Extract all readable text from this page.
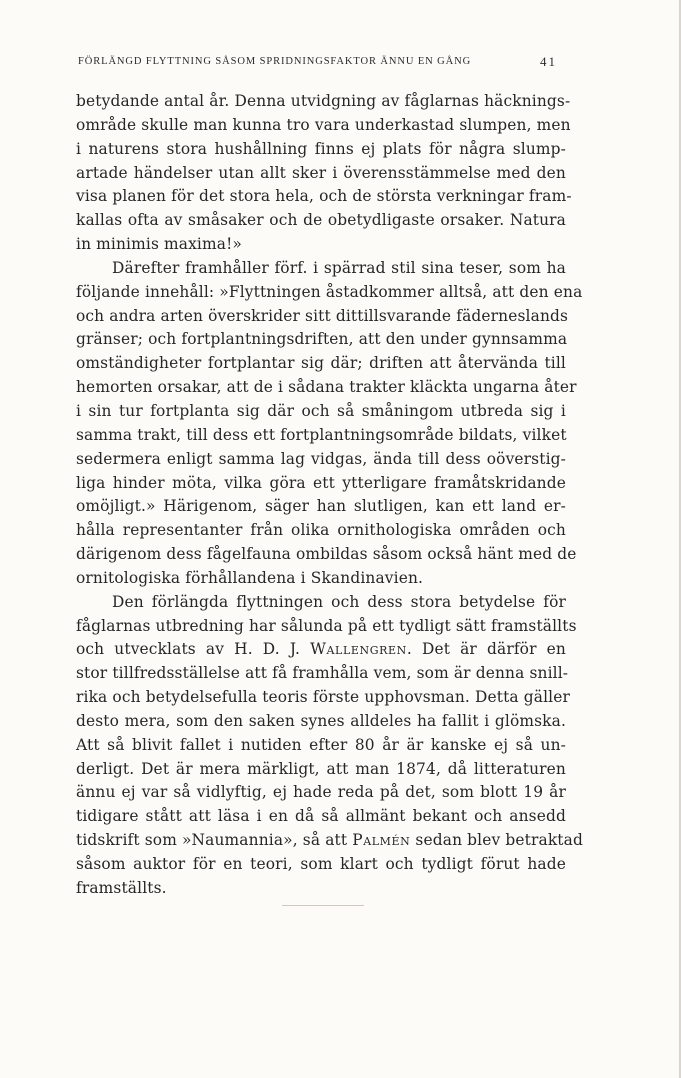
FÖRLÄNGD FLYTTNING SÅSOM SPRIDNINGSFAKTOR ÄNNU EN GÅNG	41
betydande antal år. Denna utvidgning av fåglarnas häcknings-
område skulle man kunna tro vara underkastad slumpen, men
i naturens stora hushållning finns ej plats för några slump-
artade händelser utan allt sker i överensstämmelse med den
visa planen för det stora hela, och de största verkningar fram-
kallas ofta av småsaker och de obetydligaste orsaker. Natura
in minimis maxima!»
Därefter framhåller förf. i spärrad stil sina teser, som ha
följande innehåll: »Flyttningen åstadkommer alltså, att den ena
och andra arten överskrider sitt dittillsvarande fäderneslands
gränser; och fortplantningsdriften, att den under gynnsamma
omständigheter fortplantar sig där; driften att återvända till
hemorten orsakar, att de i sådana trakter kläckta ungarna åter
i sin tur fortplanta sig där och så småningom utbreda sig i
samma trakt, till dess ett fortplantningsområde bildats, vilket
sedermera enligt samma lag vidgas, ända till dess oöverstig-
liga hinder möta, vilka göra ett ytterligare framåtskridande
omöjligt.» Härigenom, säger han slutligen, kan ett land er-
hålla representanter från olika ornithologiska områden och
därigenom dess fågelfauna ombildas såsom också hänt med de
ornitologiska förhållandena i Skandinavien.
Den förlängda flyttningen och dess stora betydelse för
fåglarnas utbredning har sålunda på ett tydligt sätt framställts
och utvecklats av H. D. J. Wallengren. Det är därför en
stor tillfredsställelse att få framhålla vem, som är denna snill-
rika och betydelsefulla teoris förste upphovsman. Detta gäller
desto mera, som den saken synes alldeles ha fallit i glömska.
Att så blivit fallet i nutiden efter 80 år är kanske ej så un-
derligt. Det är mera märkligt, att man 1874, då litteraturen
ännu ej var så vidlyftig, ej hade reda på det, som blott 19 år
tidigare stått att läsa i en då så allmänt bekant och ansedd
tidskrift som »Naumannia», så att Palmén sedan blev betraktad
såsom auktor för en teori, som klart och tydligt förut hade
framställts.
